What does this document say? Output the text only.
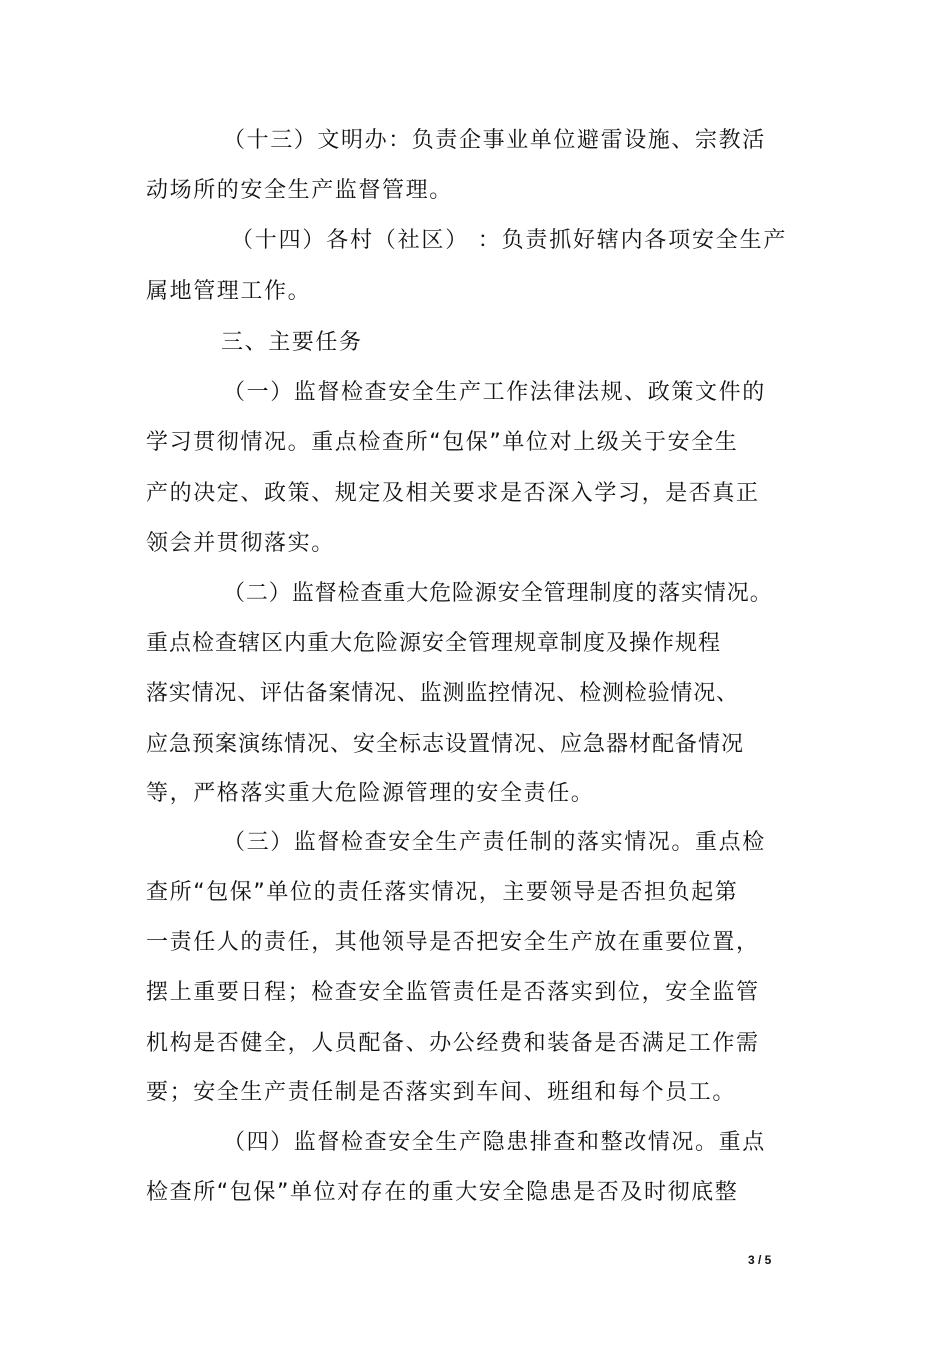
（十三）文明办：负责企事业单位避雷设施、宗教活
动场所的安全生产监督管理。
（十四）各村（社区） ：负责抓好辖内各项安全生产
属地管理工作。
三、主要任务
（一）监督检查安全生产工作法律法规、政策文件的
学习贯彻情况。重点检查所“包保”单位对上级关于安全生
产的决定、政策、规定及相关要求是否深入学习，是否真正
领会并贯彻落实。
（二）监督检查重大危险源安全管理制度的落实情况。
重点检查辖区内重大危险源安全管理规章制度及操作规程
落实情况、评估备案情况、监测监控情况、检测检验情况、
应急预案演练情况、安全标志设置情况、应急器材配备情况
等，严格落实重大危险源管理的安全责任。
（三）监督检查安全生产责任制的落实情况。重点检
查所“包保”单位的责任落实情况，主要领导是否担负起第
一责任人的责任，其他领导是否把安全生产放在重要位置，
摆上重要日程；检查安全监管责任是否落实到位，安全监管
机构是否健全，人员配备、办公经费和装备是否满足工作需
要；安全生产责任制是否落实到车间、班组和每个员工。
（四）监督检查安全生产隐患排查和整改情况。重点
检查所“包保”单位对存在的重大安全隐患是否及时彻底整
3 / 5
